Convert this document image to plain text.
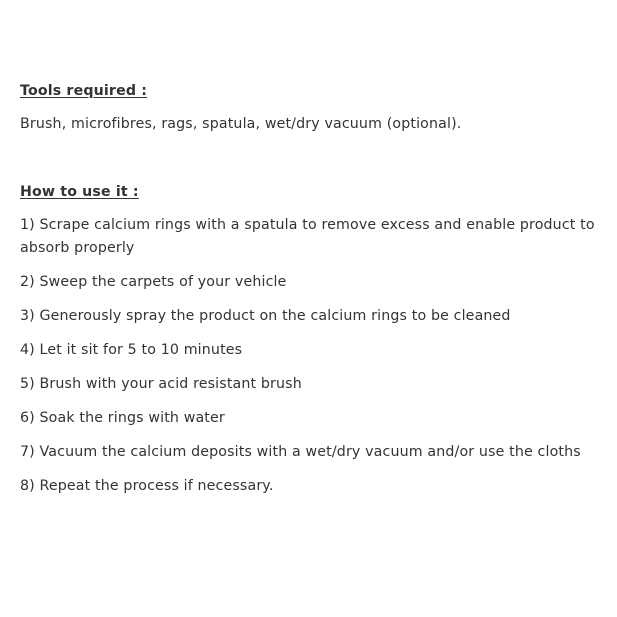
Tools required :

Brush, microfibres, rags, spatula, wet/dry vacuum (optional).

How to use it :

1) Scrape calcium rings with a spatula to remove excess and enable product to absorb properly
2) Sweep the carpets of your vehicle
3) Generously spray the product on the calcium rings to be cleaned
4) Let it sit for 5 to 10 minutes
5) Brush with your acid resistant brush
6) Soak the rings with water
7) Vacuum the calcium deposits with a wet/dry vacuum and/or use the cloths
8) Repeat the process if necessary.
